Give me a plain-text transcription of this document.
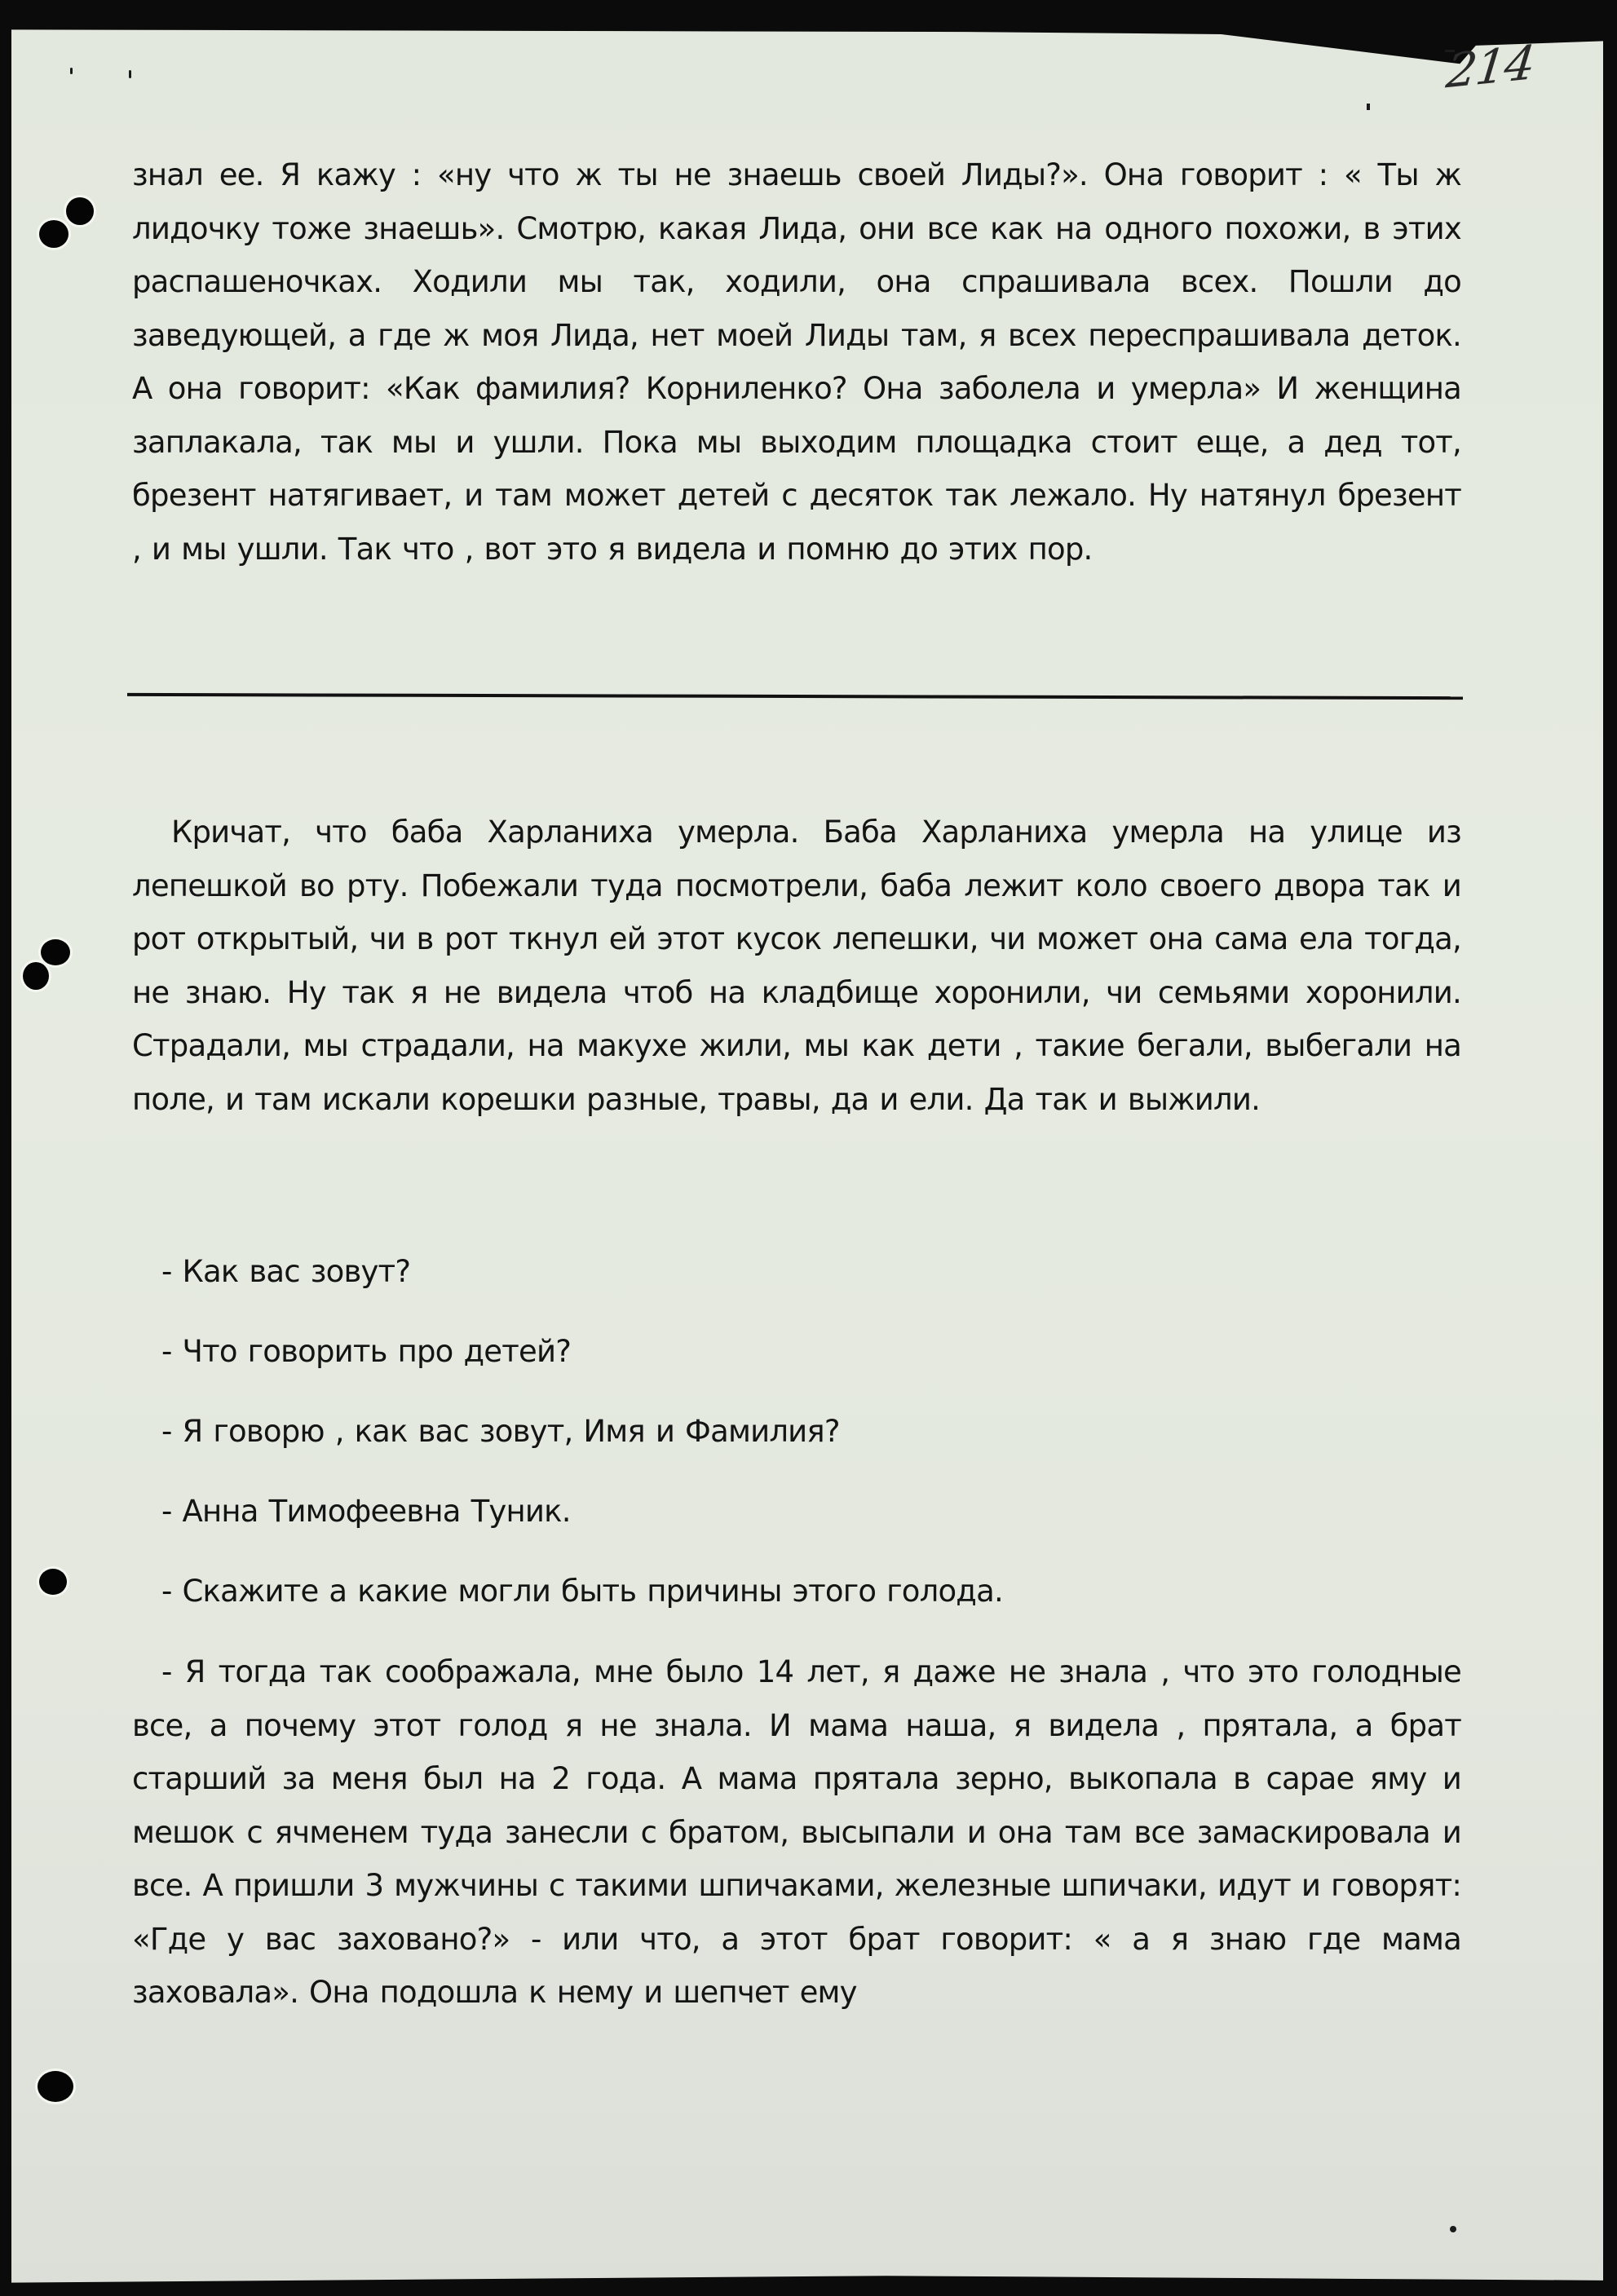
214

знал ее. Я кажу : «ну что ж ты не знаешь своей Лиды?». Она говорит : « Ты ж лидочку тоже знаешь». Смотрю, какая Лида, они все как на одного похожи, в этих распашеночках. Ходили мы так, ходили, она спрашивала всех. Пошли до заведующей, а где ж моя Лида, нет моей Лиды там, я всех переспрашивала деток. А она говорит: «Как фамилия? Корниленко? Она заболела и умерла» И женщина заплакала, так мы и ушли. Пока мы выходим площадка стоит еще, а дед тот, брезент натягивает, и там может детей с десяток так лежало. Ну натянул брезент , и мы ушли. Так что , вот это я видела и помню до этих пор.

Кричат, что баба Харланиха умерла. Баба Харланиха умерла на улице из лепешкой во рту. Побежали туда посмотрели, баба лежит коло своего двора так и рот открытый, чи в рот ткнул ей этот кусок лепешки, чи может она сама ела тогда, не знаю. Ну так я не видела чтоб на кладбище хоронили, чи семьями хоронили. Страдали, мы страдали, на макухе жили, мы как дети , такие бегали, выбегали на поле, и там искали корешки разные, травы, да и ели. Да так и выжили.

- Как вас зовут?

- Что говорить про детей?

- Я говорю , как вас зовут, Имя и Фамилия?

- Анна Тимофеевна Туник.

- Скажите а какие могли быть причины этого голода.

- Я тогда так соображала, мне было 14 лет, я даже не знала , что это голодные все, а почему этот голод я не знала. И мама наша, я видела , прятала, а брат старший за меня был на 2 года. А мама прятала зерно, выкопала в сарае яму и мешок с ячменем туда занесли с братом, высыпали и она там все замаскировала и все. А пришли 3 мужчины с такими шпичаками, железные шпичаки, идут и говорят: «Где у вас заховано?» - или что, а этот брат говорит: « а я знаю где мама заховала». Она подошла к нему и шепчет ему
